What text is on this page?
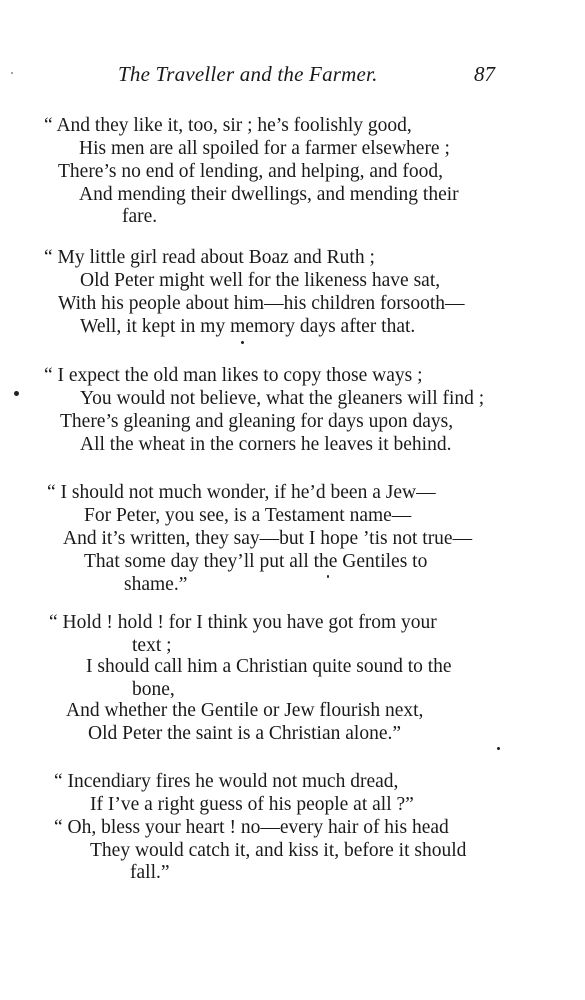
The Traveller and the Farmer.	87
“ And they like it, too, sir ; he’s foolishly good,
His men are all spoiled for a farmer elsewhere ;
There’s no end of lending, and helping, and food,
And mending their dwellings, and mending their
fare.
“ My little girl read about Boaz and Ruth ;
Old Peter might well for the likeness have sat,
With his people about him—his children forsooth—
Well, it kept in my memory days after that.
“ I expect the old man likes to copy those ways ;
You would not believe, what the gleaners will find ;
There’s gleaning and gleaning for days upon days,
All the wheat in the corners he leaves it behind.
“ I should not much wonder, if he’d been a Jew—
For Peter, you see, is a Testament name—
And it’s written, they say—but I hope ’tis not true—
That some day they’ll put all the Gentiles to
shame.”
“ Hold ! hold ! for I think you have got from your
text ;
I should call him a Christian quite sound to the
bone,
And whether the Gentile or Jew flourish next,
Old Peter the saint is a Christian alone.”
“ Incendiary fires he would not much dread,
If I’ve a right guess of his people at all ?”
“ Oh, bless your heart ! no—every hair of his head
They would catch it, and kiss it, before it should
fall.”
